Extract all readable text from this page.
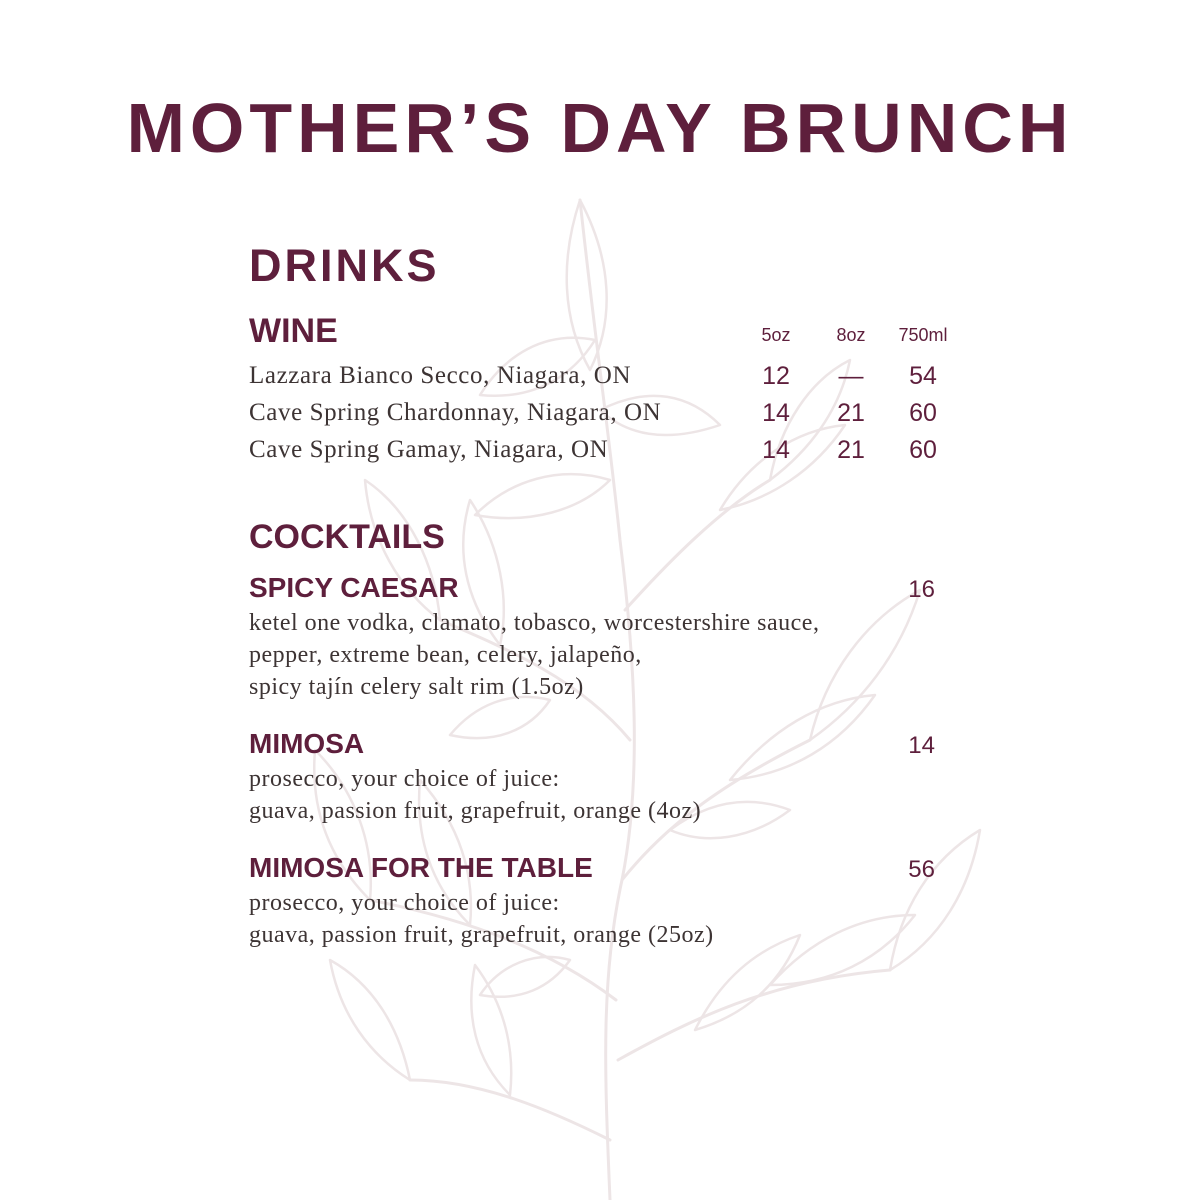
MOTHER’S DAY BRUNCH
DRINKS
WINE	5oz	8oz	750ml
Lazzara Bianco Secco, Niagara, ON	12	—	54
Cave Spring Chardonnay, Niagara, ON	14	21	60
Cave Spring Gamay, Niagara, ON	14	21	60
COCKTAILS
SPICY CAESAR	16
ketel one vodka, clamato, tobasco, worcestershire sauce,
pepper, extreme bean, celery, jalapeño,
spicy tajín celery salt rim (1.5oz)
MIMOSA	14
prosecco, your choice of juice:
guava, passion fruit, grapefruit, orange (4oz)
MIMOSA FOR THE TABLE	56
prosecco, your choice of juice:
guava, passion fruit, grapefruit, orange (25oz)
